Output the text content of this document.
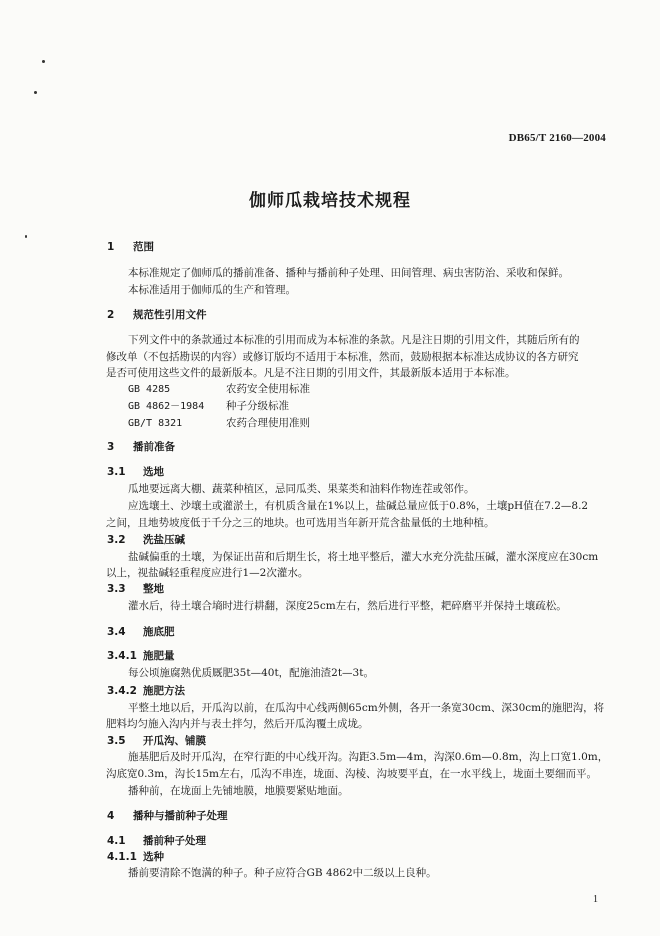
DB65/T 2160—2004
伽师瓜栽培技术规程
1 范围
本标准规定了伽师瓜的播前准备、播种与播前种子处理、田间管理、病虫害防治、采收和保鲜。
本标准适用于伽师瓜的生产和管理。
2 规范性引用文件
下列文件中的条款通过本标准的引用而成为本标准的条款。凡是注日期的引用文件，其随后所有的
修改单（不包括勘误的内容）或修订版均不适用于本标准，然而，鼓励根据本标准达成协议的各方研究
是否可使用这些文件的最新版本。凡是不注日期的引用文件，其最新版本适用于本标准。
GB 4285	农药安全使用标准
GB 4862－1984 种子分级标准
GB/T 8321	农药合理使用准则
3 播前准备
3.1 选地
瓜地要远离大棚、蔬菜种植区，忌同瓜类、果菜类和油料作物连茬或邻作。
应选壤土、沙壤土或灌淤土，有机质含量在1%以上，盐碱总量应低于0.8%，土壤pH值在7.2—8.2
之间，且地势坡度低于千分之三的地块。也可选用当年新开荒含盐量低的土地种植。
3.2 洗盐压碱
盐碱偏重的土壤，为保证出苗和后期生长，将土地平整后，灌大水充分洗盐压碱，灌水深度应在30cm
以上，视盐碱轻重程度应进行1—2次灌水。
3.3 整地
灌水后，待土壤合墒时进行耕翻，深度25cm左右，然后进行平整，耙碎磨平并保持土壤疏松。
3.4 施底肥
3.4.1 施肥量
每公顷施腐熟优质厩肥35t—40t，配施油渣2t—3t。
3.4.2 施肥方法
平整土地以后，开瓜沟以前，在瓜沟中心线两侧65cm外侧，各开一条宽30cm、深30cm的施肥沟，将
肥料均匀施入沟内并与表土拌匀，然后开瓜沟覆土成垅。
3.5 开瓜沟、铺膜
施基肥后及时开瓜沟，在窄行距的中心线开沟。沟距3.5m—4m，沟深0.6m—0.8m，沟上口宽1.0m，
沟底宽0.3m，沟长15m左右，瓜沟不串连，垅面、沟棱、沟坡要平直，在一水平线上，垅面土要细而平。
播种前，在垅面上先铺地膜，地膜要紧贴地面。
4 播种与播前种子处理
4.1 播前种子处理
4.1.1 选种
播前要清除不饱满的种子。种子应符合GB 4862中二级以上良种。
1
